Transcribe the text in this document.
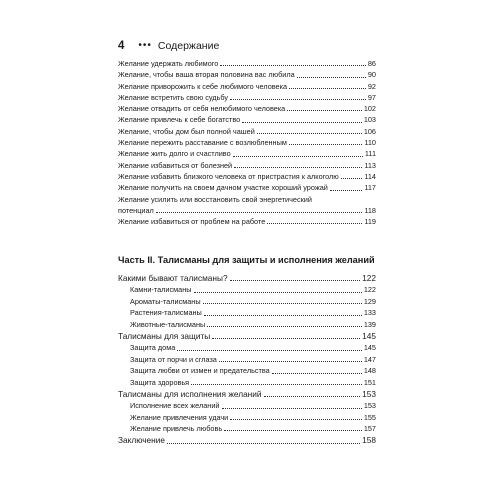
4 ••• Содержание
Желание удержать любимого	86
Желание, чтобы ваша вторая половина вас любила	90
Желание приворожить к себе любимого человека	92
Желание встретить свою судьбу	97
Желание отвадить от себя нелюбимого человека	102
Желание привлечь к себе богатство	103
Желание, чтобы дом был полной чашей	106
Желание пережить расставание с возлюбленным	110
Желание жить долго и счастливо	111
Желание избавиться от болезней	113
Желание избавить близкого человека от пристрастия к алкоголю	114
Желание получить на своем дачном участке хороший урожай	117
Желание усилить или восстановить свой энергетический
потенциал	118
Желание избавиться от проблем на работе	119
Часть II. Талисманы для защиты и исполнения желаний
Какими бывают талисманы?	122
Камни-талисманы	122
Ароматы-талисманы	129
Растения-талисманы	133
Животные-талисманы	139
Талисманы для защиты	145
Защита дома	145
Защита от порчи и сглаза	147
Защита любви от измен и предательства	148
Защита здоровья	151
Талисманы для исполнения желаний	153
Исполнение всех желаний	153
Желание привлечения удачи	155
Желание привлечь любовь	157
Заключение	158
